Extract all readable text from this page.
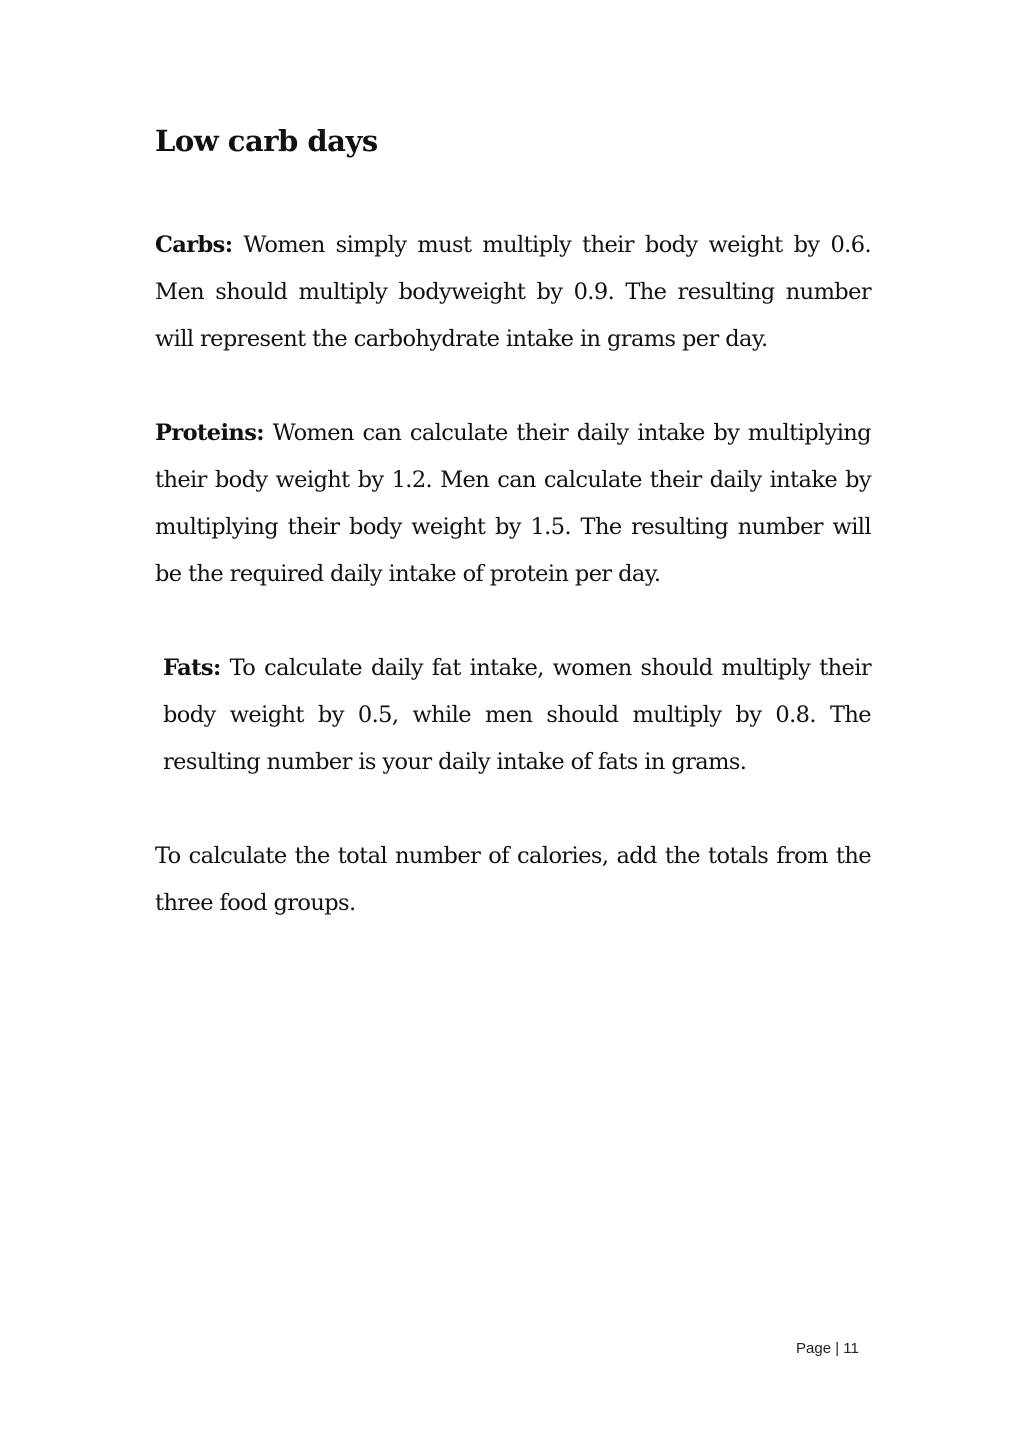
Low carb days

Carbs: Women simply must multiply their body weight by 0.6. Men should multiply bodyweight by 0.9. The resulting number will represent the carbohydrate intake in grams per day.

Proteins: Women can calculate their daily intake by multiplying their body weight by 1.2. Men can calculate their daily intake by multiplying their body weight by 1.5. The resulting number will be the required daily intake of protein per day.

Fats: To calculate daily fat intake, women should multiply their body weight by 0.5, while men should multiply by 0.8. The resulting number is your daily intake of fats in grams.

To calculate the total number of calories, add the totals from the three food groups.

Page | 11
